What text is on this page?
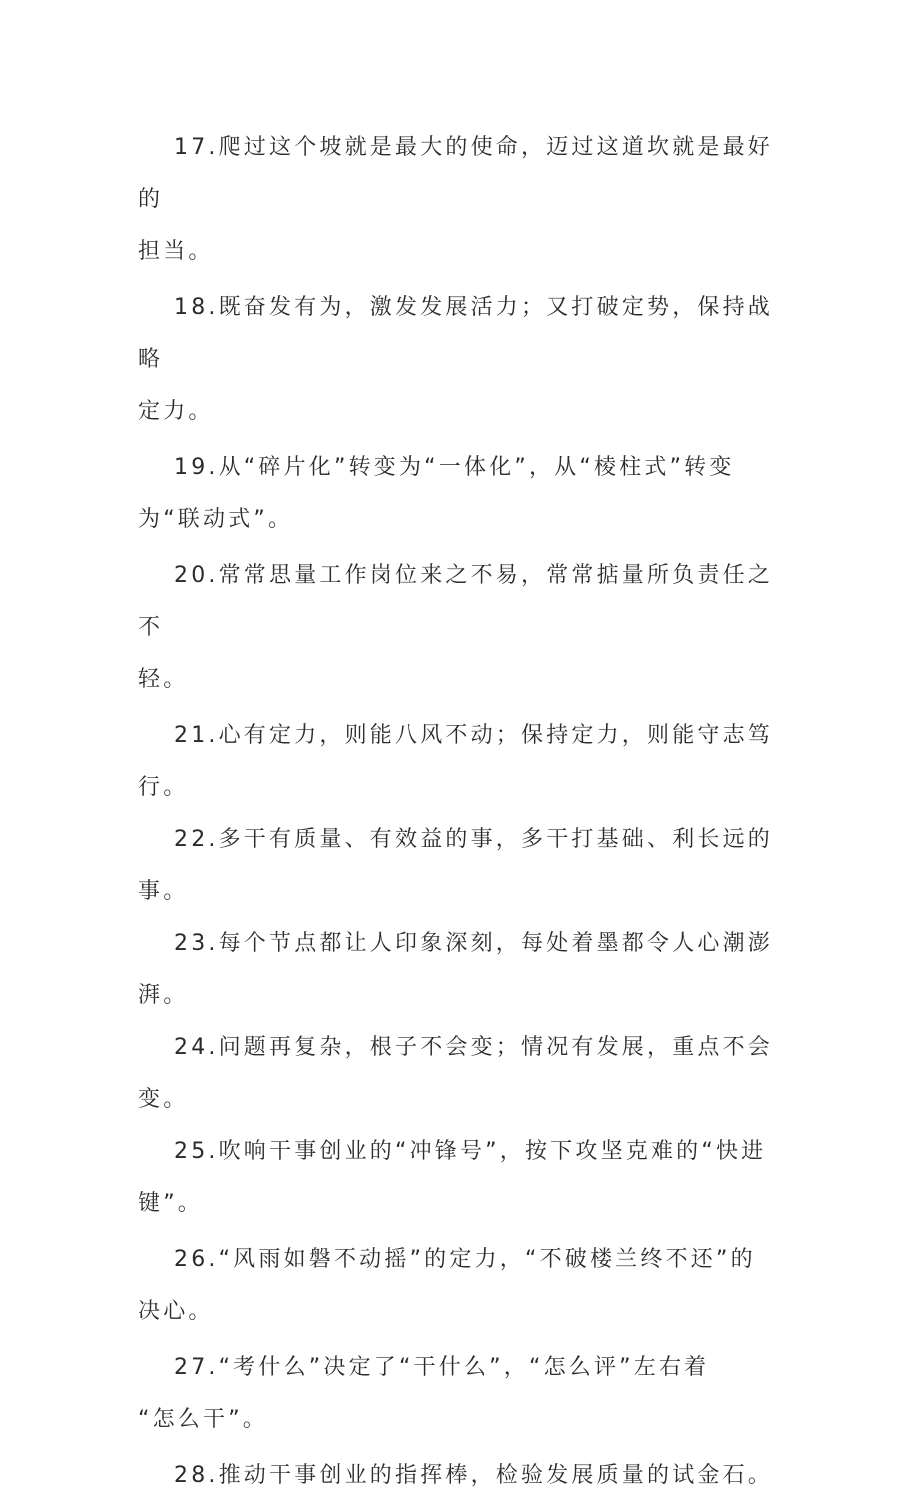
17.爬过这个坡就是最大的使命，迈过这道坎就是最好的
担当。

18.既奋发有为，激发发展活力；又打破定势，保持战略
定力。

19.从“碎片化”转变为“一体化”，从“棱柱式”转变
为“联动式”。

20.常常思量工作岗位来之不易，常常掂量所负责任之不
轻。

21.心有定力，则能八风不动；保持定力，则能守志笃行。

22.多干有质量、有效益的事，多干打基础、利长远的事。

23.每个节点都让人印象深刻，每处着墨都令人心潮澎湃。

24.问题再复杂，根子不会变；情况有发展，重点不会变。

25.吹响干事创业的“冲锋号”，按下攻坚克难的“快进
键”。

26.“风雨如磐不动摇”的定力，“不破楼兰终不还”的
决心。

27.“考什么”决定了“干什么”，“怎么评”左右着
“怎么干”。

28.推动干事创业的指挥棒，检验发展质量的试金石。
